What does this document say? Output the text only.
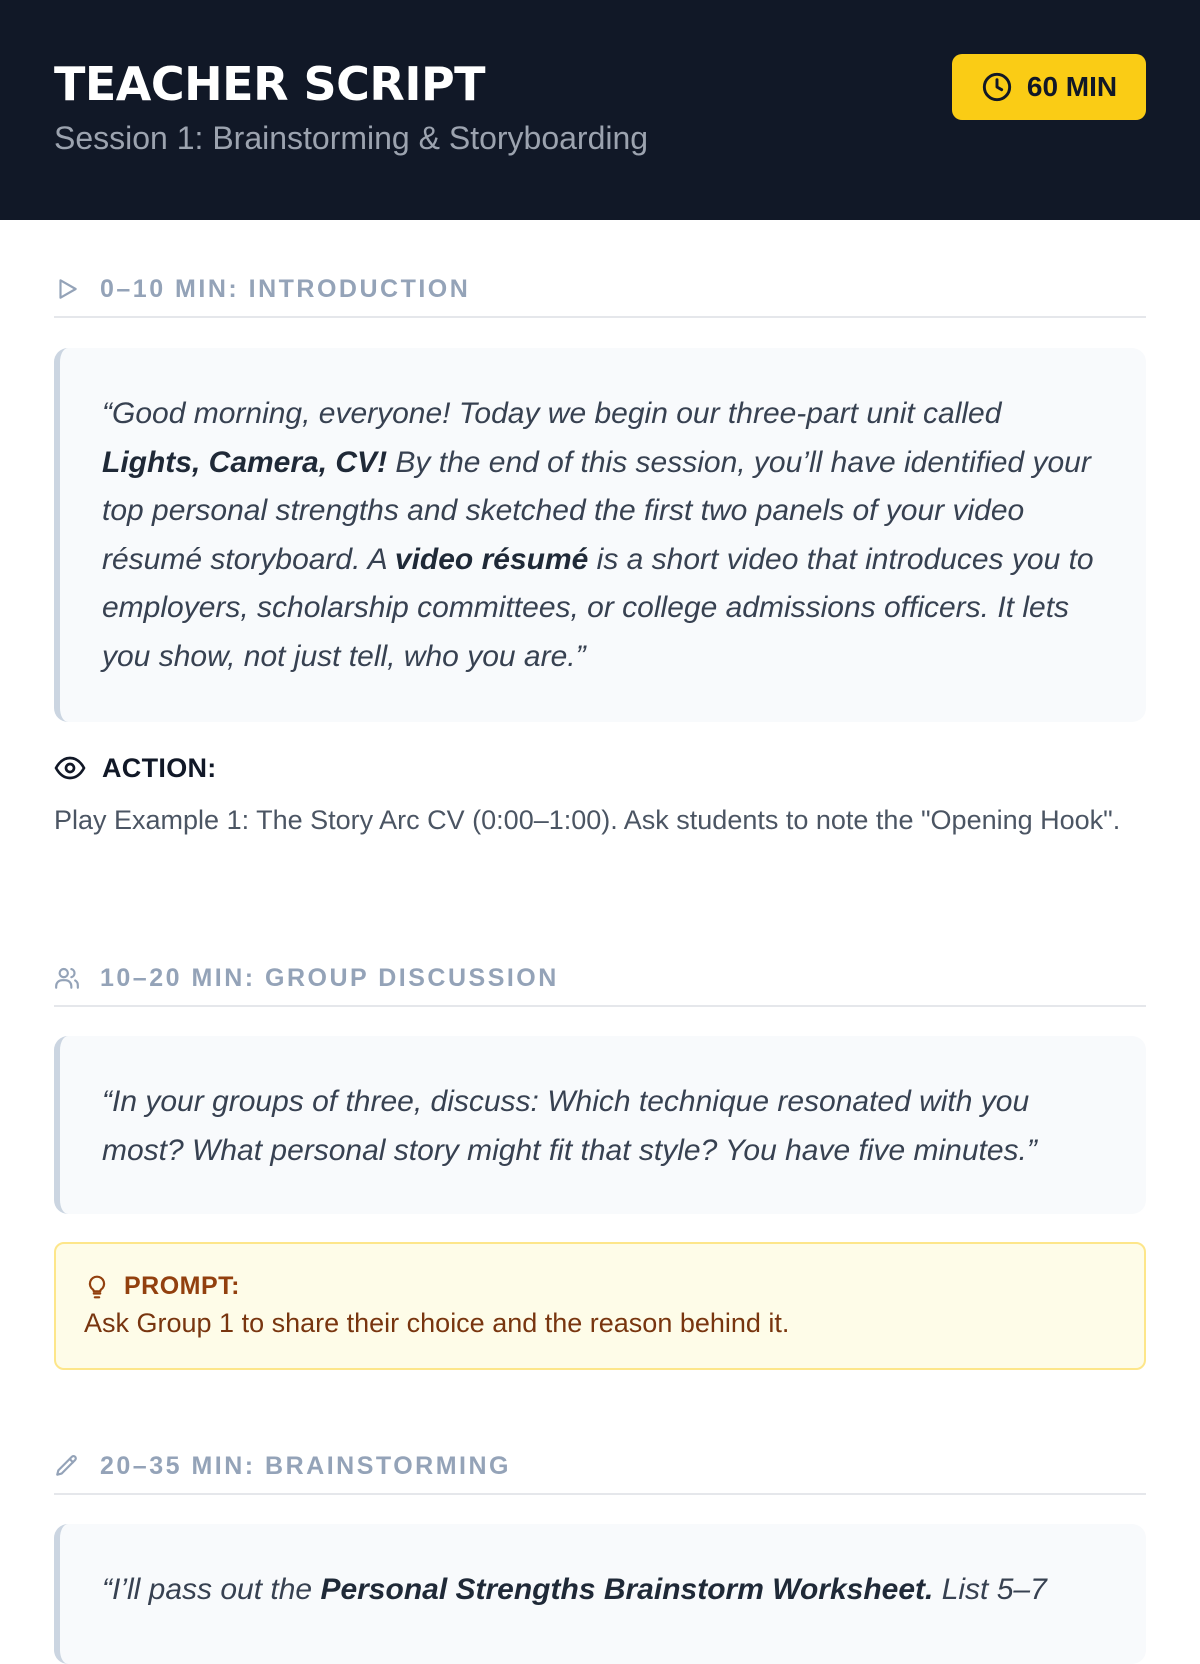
TEACHER SCRIPT
Session 1: Brainstorming & Storyboarding
60 MIN
0–10 MIN: INTRODUCTION
“Good morning, everyone! Today we begin our three-part unit called Lights, Camera, CV! By the end of this session, you’ll have identified your top personal strengths and sketched the first two panels of your video résumé storyboard. A video résumé is a short video that introduces you to employers, scholarship committees, or college admissions officers. It lets you show, not just tell, who you are.”
ACTION:
Play Example 1: The Story Arc CV (0:00–1:00). Ask students to note the "Opening Hook".
10–20 MIN: GROUP DISCUSSION
“In your groups of three, discuss: Which technique resonated with you most? What personal story might fit that style? You have five minutes.”
PROMPT:
Ask Group 1 to share their choice and the reason behind it.
20–35 MIN: BRAINSTORMING
“I’ll pass out the Personal Strengths Brainstorm Worksheet. List 5–7
